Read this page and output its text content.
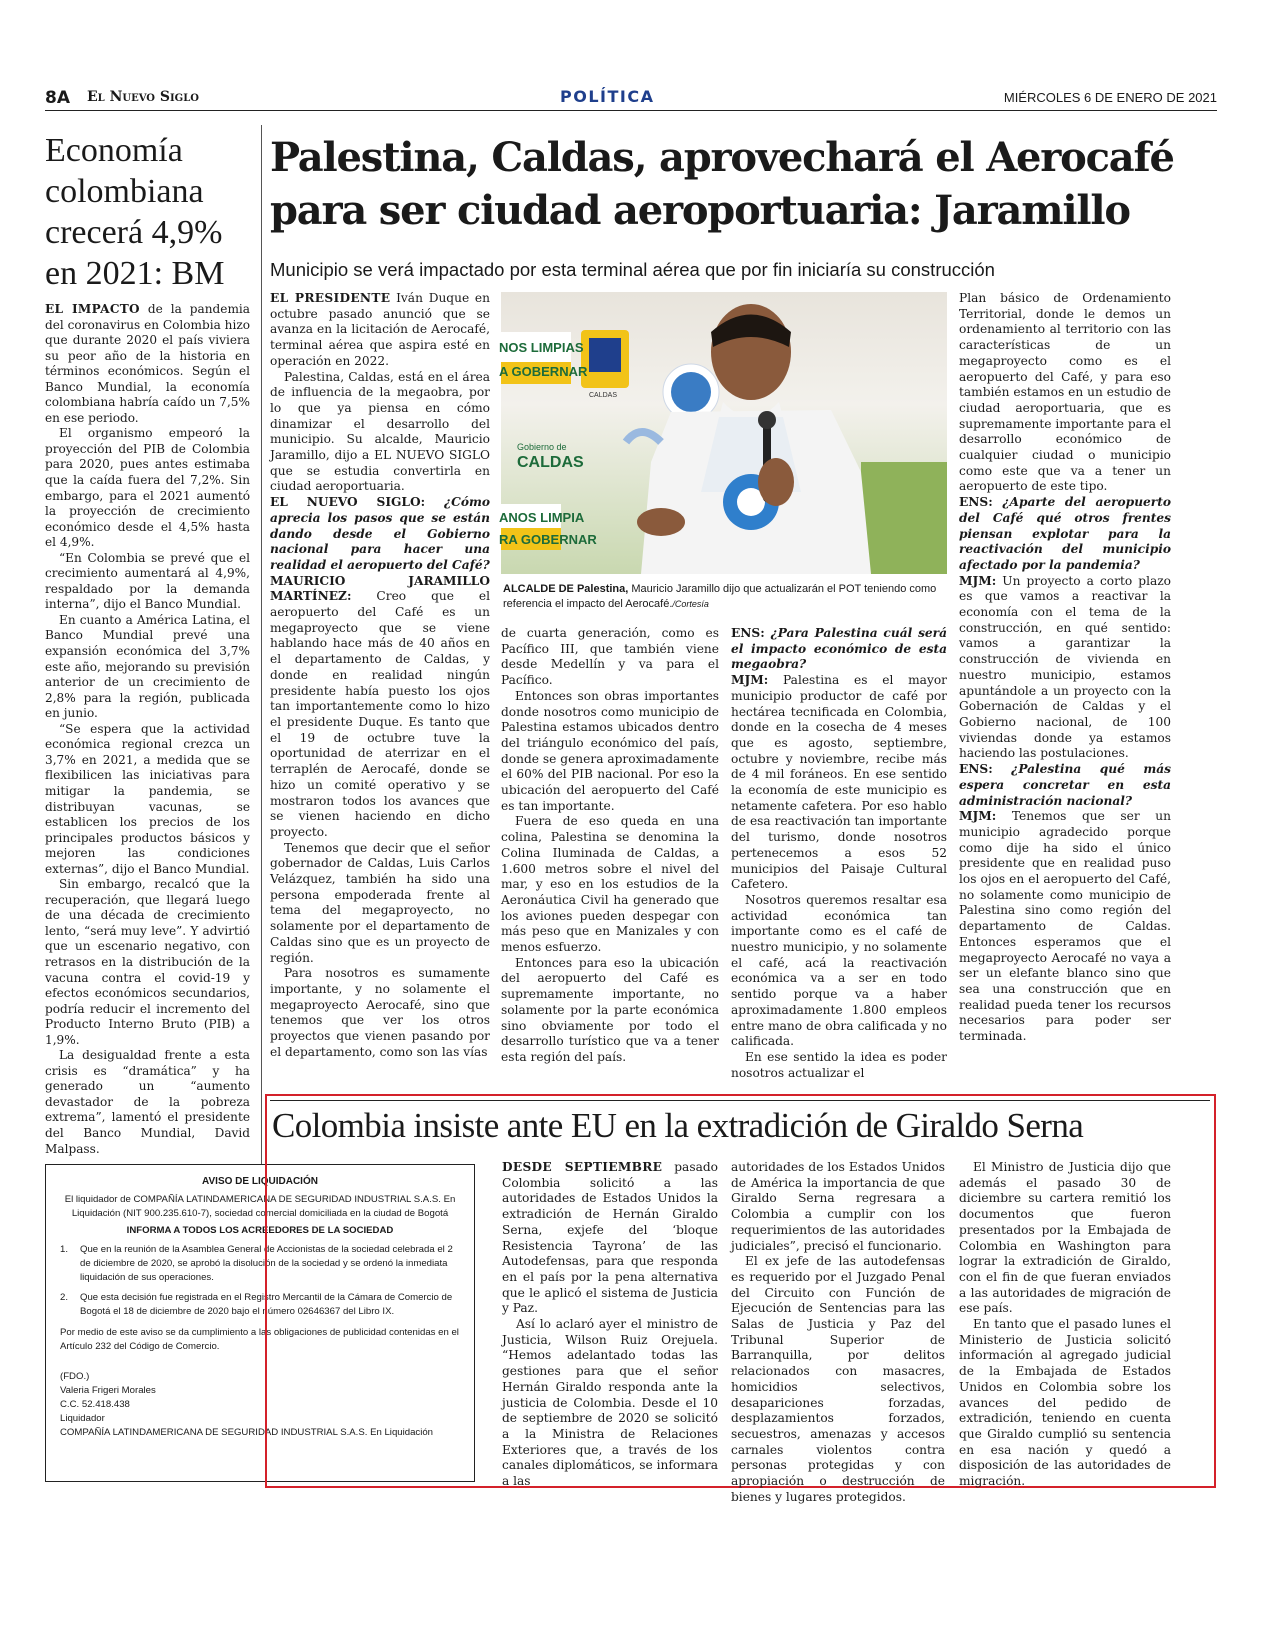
8A El Nuevo Siglo	POLÍTICA	MIÉRCOLES 6 DE ENERO DE 2021
Economía colombiana crecerá 4,9% en 2021: BM

EL IMPACTO de la pandemia del coronavirus en Colombia hizo que durante 2020 el país viviera su peor año de la historia en términos económicos. Según el Banco Mundial, la economía colombiana habría caído un 7,5% en ese periodo.

El organismo empeoró la proyección del PIB de Colombia para 2020, pues antes estimaba que la caída fuera del 7,2%. Sin embargo, para el 2021 aumentó la proyección de crecimiento económico desde el 4,5% hasta el 4,9%.

“En Colombia se prevé que el crecimiento aumentará al 4,9%, respaldado por la demanda interna”, dijo el Banco Mundial.

En cuanto a América Latina, el Banco Mundial prevé una expansión económica del 3,7% este año, mejorando su previsión anterior de un crecimiento de 2,8% para la región, publicada en junio.

“Se espera que la actividad económica regional crezca un 3,7% en 2021, a medida que se flexibilicen las iniciativas para mitigar la pandemia, se distribuyan vacunas, se establicen los precios de los principales productos básicos y mejoren las condiciones externas”, dijo el Banco Mundial.

Sin embargo, recalcó que la recuperación, que llegará luego de una década de crecimiento lento, “será muy leve”. Y advirtió que un escenario negativo, con retrasos en la distribución de la vacuna contra el covid-19 y efectos económicos secundarios, podría reducir el incremento del Producto Interno Bruto (PIB) a 1,9%.

La desigualdad frente a esta crisis es “dramática” y ha generado un “aumento devastador de la pobreza extrema”, lamentó el presidente del Banco Mundial, David Malpass.

Palestina, Caldas, aprovechará el Aerocafé para ser ciudad aeroportuaria: Jaramillo
Municipio se verá impactado por esta terminal aérea que por fin iniciaría su construcción

EL PRESIDENTE Iván Duque en octubre pasado anunció que se avanza en la licitación de Aerocafé, terminal aérea que aspira esté en operación en 2022.

Palestina, Caldas, está en el área de influencia de la megaobra, por lo que ya piensa en cómo dinamizar el desarrollo del municipio. Su alcalde, Mauricio Jaramillo, dijo a EL NUEVO SIGLO que se estudia convertirla en ciudad aeroportuaria.

EL NUEVO SIGLO: ¿Cómo aprecia los pasos que se están dando desde el Gobierno nacional para hacer una realidad el aeropuerto del Café?

MAURICIO JARAMILLO MARTÍNEZ: Creo que el aeropuerto del Café es un megaproyecto que se viene hablando hace más de 40 años en el departamento de Caldas, y donde en realidad ningún presidente había puesto los ojos tan importantemente como lo hizo el presidente Duque. Es tanto que el 19 de octubre tuve la oportunidad de aterrizar en el terraplén de Aerocafé, donde se hizo un comité operativo y se mostraron todos los avances que se vienen haciendo en dicho proyecto.

Tenemos que decir que el señor gobernador de Caldas, Luis Carlos Velázquez, también ha sido una persona empoderada frente al tema del megaproyecto, no solamente por el departamento de Caldas sino que es un proyecto de región.

Para nosotros es sumamente importante, y no solamente el megaproyecto Aerocafé, sino que tenemos que ver los otros proyectos que vienen pasando por el departamento, como son las vías

NOS LIMPIAS
A GOBERNAR
Gobierno de
CALDAS
CALDAS
ANOS LIMPIA
RA GOBERNAR
ALCALDE DE Palestina, Mauricio Jaramillo dijo que actualizarán el POT teniendo como referencia el impacto del Aerocafé./Cortesía

de cuarta generación, como es Pacífico III, que también viene desde Medellín y va para el Pacífico.

Entonces son obras importantes donde nosotros como municipio de Palestina estamos ubicados dentro del triángulo económico del país, donde se genera aproximadamente el 60% del PIB nacional. Por eso la ubicación del aeropuerto del Café es tan importante.

Fuera de eso queda en una colina, Palestina se denomina la Colina Iluminada de Caldas, a 1.600 metros sobre el nivel del mar, y eso en los estudios de la Aeronáutica Civil ha generado que los aviones pueden despegar con más peso que en Manizales y con menos esfuerzo.

Entonces para eso la ubicación del aeropuerto del Café es supremamente importante, no solamente por la parte económica sino obviamente por todo el desarrollo turístico que va a tener esta región del país.

ENS: ¿Para Palestina cuál será el impacto económico de esta megaobra?

MJM: Palestina es el mayor municipio productor de café por hectárea tecnificada en Colombia, donde en la cosecha de 4 meses que es agosto, septiembre, octubre y noviembre, recibe más de 4 mil foráneos. En ese sentido la economía de este municipio es netamente cafetera. Por eso hablo de esa reactivación tan importante del turismo, donde nosotros pertenecemos a esos 52 municipios del Paisaje Cultural Cafetero.

Nosotros queremos resaltar esa actividad económica tan importante como es el café de nuestro municipio, y no solamente el café, acá la reactivación económica va a ser en todo sentido porque va a haber aproximadamente 1.800 empleos entre mano de obra calificada y no calificada.

En ese sentido la idea es poder nosotros actualizar el

Plan básico de Ordenamiento Territorial, donde le demos un ordenamiento al territorio con las características de un megaproyecto como es el aeropuerto del Café, y para eso también estamos en un estudio de ciudad aeroportuaria, que es supremamente importante para el desarrollo económico de cualquier ciudad o municipio como este que va a tener un aeropuerto de este tipo.

ENS: ¿Aparte del aeropuerto del Café qué otros frentes piensan explotar para la reactivación del municipio afectado por la pandemia?

MJM: Un proyecto a corto plazo es que vamos a reactivar la economía con el tema de la construcción, en qué sentido: vamos a garantizar la construcción de vivienda en nuestro municipio, estamos apuntándole a un proyecto con la Gobernación de Caldas y el Gobierno nacional, de 100 viviendas donde ya estamos haciendo las postulaciones.

ENS: ¿Palestina qué más espera concretar en esta administración nacional?

MJM: Tenemos que ser un municipio agradecido porque como dije ha sido el único presidente que en realidad puso los ojos en el aeropuerto del Café, no solamente como municipio de Palestina sino como región del departamento de Caldas. Entonces esperamos que el megaproyecto Aerocafé no vaya a ser un elefante blanco sino que sea una construcción que en realidad pueda tener los recursos necesarios para poder ser terminada.

AVISO DE LIQUIDACIÓN
El liquidador de COMPAÑÍA LATINDAMERICANA DE SEGURIDAD INDUSTRIAL S.A.S. En Liquidación (NIT 900.235.610-7), sociedad comercial domiciliada en la ciudad de Bogotá
INFORMA A TODOS LOS ACREEDORES DE LA SOCIEDAD
1.	Que en la reunión de la Asamblea General de Accionistas de la sociedad celebrada el 2 de diciembre de 2020, se aprobó la disolución de la sociedad y se ordenó la inmediata liquidación de sus operaciones.
2.	Que esta decisión fue registrada en el Registro Mercantil de la Cámara de Comercio de Bogotá el 18 de diciembre de 2020 bajo el número 02646367 del Libro IX.
Por medio de este aviso se da cumplimiento a las obligaciones de publicidad contenidas en el Artículo 232 del Código de Comercio.
(FDO.)
Valeria Frigeri Morales
C.C. 52.418.438
Liquidador
COMPAÑÍA LATINDAMERICANA DE SEGURIDAD INDUSTRIAL S.A.S. En Liquidación
Colombia insiste ante EU en la extradición de Giraldo Serna

DESDE SEPTIEMBRE pasado Colombia solicitó a las autoridades de Estados Unidos la extradición de Hernán Giraldo Serna, exjefe del ‘bloque Resistencia Tayrona’ de las Autodefensas, para que responda en el país por la pena alternativa que le aplicó el sistema de Justicia y Paz.

Así lo aclaró ayer el ministro de Justicia, Wilson Ruiz Orejuela. “Hemos adelantado todas las gestiones para que el señor Hernán Giraldo responda ante la justicia de Colombia. Desde el 10 de septiembre de 2020 se solicitó a la Ministra de Relaciones Exteriores que, a través de los canales diplomáticos, se informara a las

autoridades de los Estados Unidos de América la importancia de que Giraldo Serna regresara a Colombia a cumplir con los requerimientos de las autoridades judiciales”, precisó el funcionario.

El ex jefe de las autodefensas es requerido por el Juzgado Penal del Circuito con Función de Ejecución de Sentencias para las Salas de Justicia y Paz del Tribunal Superior de Barranquilla, por delitos relacionados con masacres, homicidios selectivos, desapariciones forzadas, desplazamientos forzados, secuestros, amenazas y accesos carnales violentos contra personas protegidas y con apropiación o destrucción de bienes y lugares protegidos.

El Ministro de Justicia dijo que además el pasado 30 de diciembre su cartera remitió los documentos que fueron presentados por la Embajada de Colombia en Washington para lograr la extradición de Giraldo, con el fin de que fueran enviados a las autoridades de migración de ese país.

En tanto que el pasado lunes el Ministerio de Justicia solicitó información al agregado judicial de la Embajada de Estados Unidos en Colombia sobre los avances del pedido de extradición, teniendo en cuenta que Giraldo cumplió su sentencia en esa nación y quedó a disposición de las autoridades de migración.
